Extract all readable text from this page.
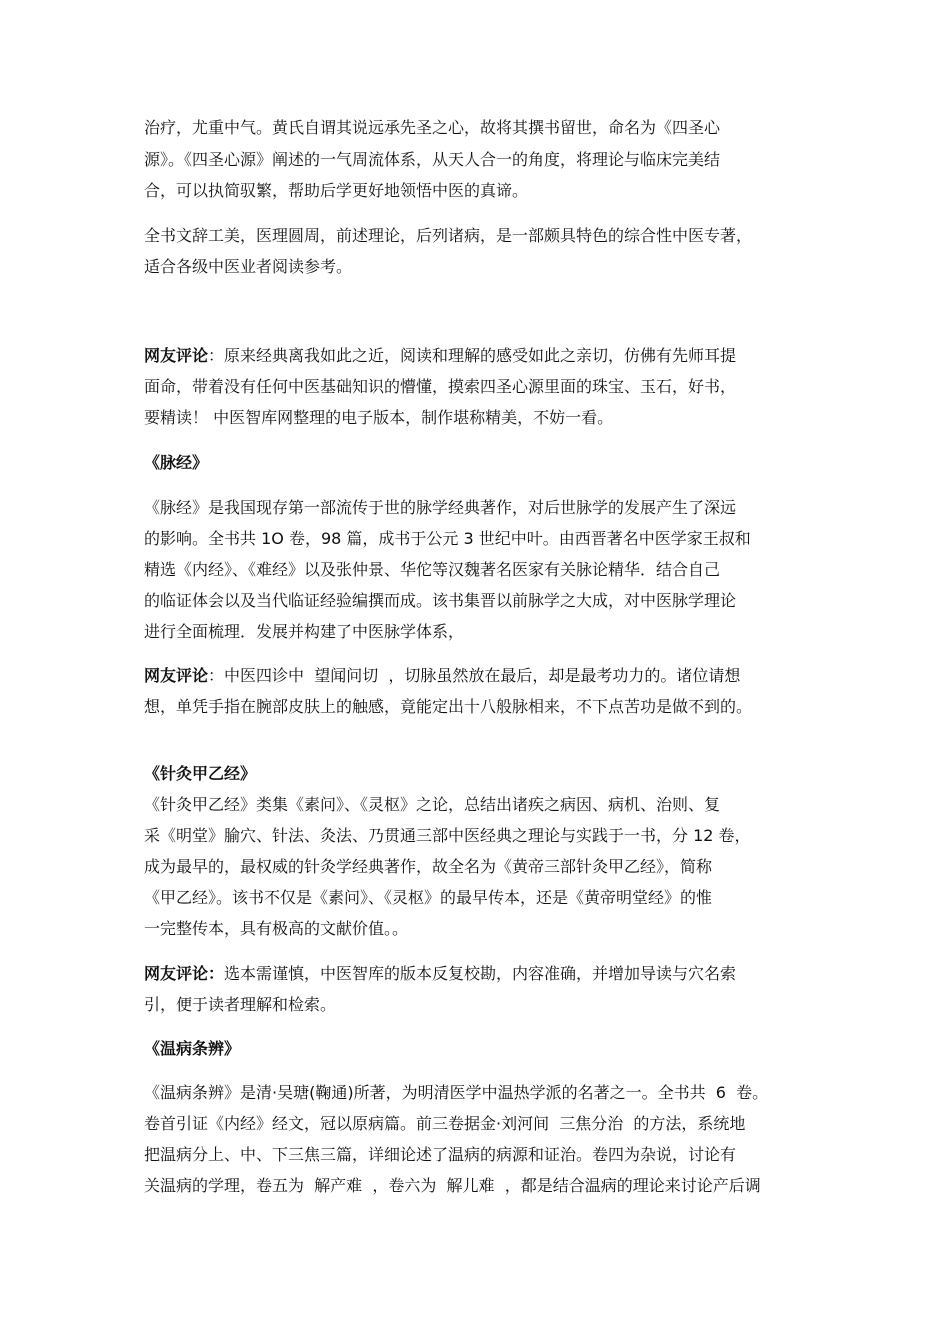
治疗，尤重中气。黄氏自谓其说远承先圣之心，故将其撰书留世，命名为《四圣心
源》。《四圣心源》阐述的一气周流体系，从天人合一的角度，将理论与临床完美结
合，可以执简驭繁，帮助后学更好地领悟中医的真谛。
全书文辞工美，医理圆周，前述理论，后列诸病，是一部颇具特色的综合性中医专著，
适合各级中医业者阅读参考。
网友评论：原来经典离我如此之近，阅读和理解的感受如此之亲切，仿佛有先师耳提
面命，带着没有任何中医基础知识的懵懂，摸索四圣心源里面的珠宝、玉石，好书，
要精读！ 中医智库网整理的电子版本，制作堪称精美，不妨一看。
《脉经》
《脉经》是我国现存第一部流传于世的脉学经典著作，对后世脉学的发展产生了深远
的影响。全书共 1O 卷，98 篇，成书于公元 3 世纪中叶。由西晋著名中医学家王叔和
精选《内经》、《难经》以及张仲景、华佗等汉魏著名医家有关脉论精华．结合自己
的临证体会以及当代临证经验编撰而成。该书集晋以前脉学之大成，对中医脉学理论
进行全面梳理．发展并构建了中医脉学体系，
网友评论：中医四诊中  望闻问切  ，切脉虽然放在最后，却是最考功力的。诸位请想
想，单凭手指在腕部皮肤上的触感，竟能定出十八般脉相来，不下点苦功是做不到的。
《针灸甲乙经》
《针灸甲乙经》类集《素问》、《灵枢》之论，总结出诸疾之病因、病机、治则、复
采《明堂》腧穴、针法、灸法、乃贯通三部中医经典之理论与实践于一书，分 12 卷，
成为最早的，最权威的针灸学经典著作，故全名为《黄帝三部针灸甲乙经》，简称
《甲乙经》。该书不仅是《素问》、《灵枢》的最早传本，还是《黄帝明堂经》的惟
一完整传本，具有极高的文献价值。。
网友评论：选本需谨慎，中医智库的版本反复校勘，内容准确，并增加导读与穴名索
引，便于读者理解和检索。
《温病条辨》
《温病条辨》是清·吴瑭(鞠通)所著，为明清医学中温热学派的名著之一。全书共  6  卷。
卷首引证《内经》经文，冠以原病篇。前三卷据金·刘河间  三焦分治  的方法，系统地
把温病分上、中、下三焦三篇，详细论述了温病的病源和证治。卷四为杂说，讨论有
关温病的学理，卷五为  解产难  ，卷六为  解儿难  ，都是结合温病的理论来讨论产后调
